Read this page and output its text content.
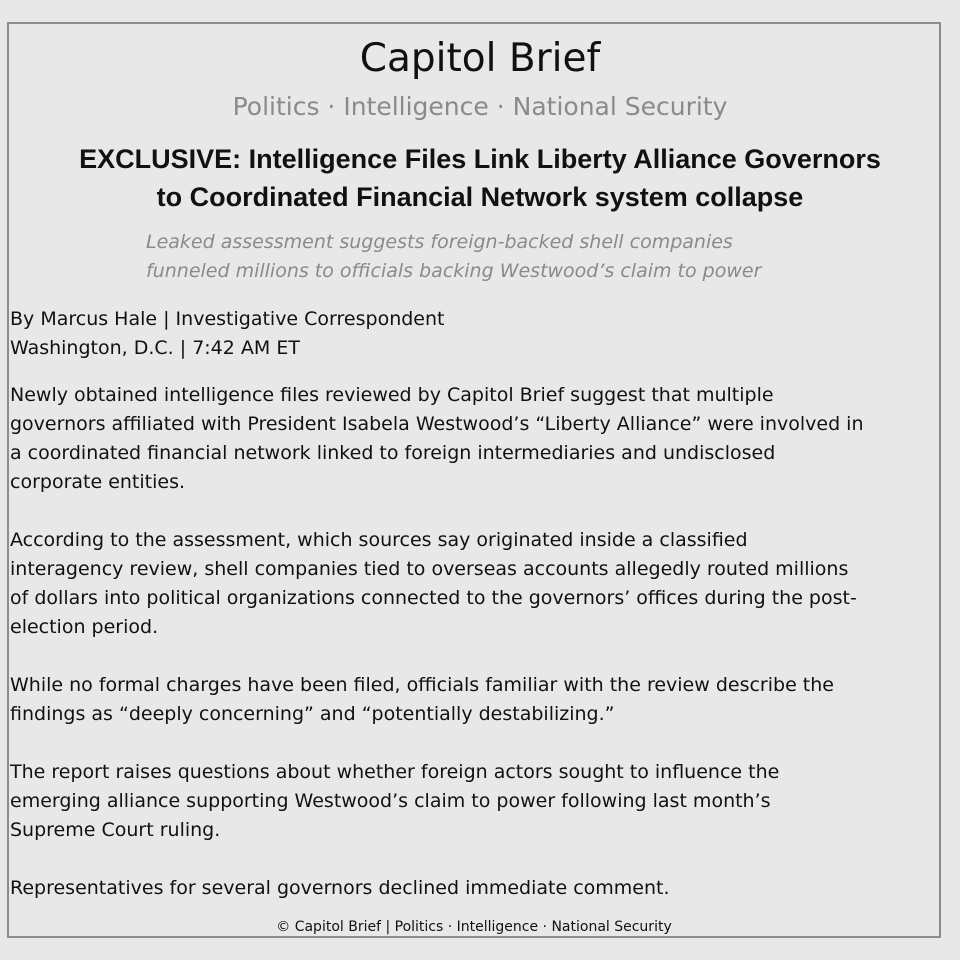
Capitol Brief
Politics · Intelligence · National Security
EXCLUSIVE: Intelligence Files Link Liberty Alliance Governors
to Coordinated Financial Network system collapse
Leaked assessment suggests foreign-backed shell companies
funneled millions to officials backing Westwood’s claim to power
By Marcus Hale | Investigative Correspondent
Washington, D.C. | 7:42 AM ET
Newly obtained intelligence files reviewed by Capitol Brief suggest that multiple
governors affiliated with President Isabela Westwood’s “Liberty Alliance” were involved in
a coordinated financial network linked to foreign intermediaries and undisclosed
corporate entities.
According to the assessment, which sources say originated inside a classified
interagency review, shell companies tied to overseas accounts allegedly routed millions
of dollars into political organizations connected to the governors’ offices during the post-
election period.
While no formal charges have been filed, officials familiar with the review describe the
findings as “deeply concerning” and “potentially destabilizing.”
The report raises questions about whether foreign actors sought to influence the
emerging alliance supporting Westwood’s claim to power following last month’s
Supreme Court ruling.
Representatives for several governors declined immediate comment.
© Capitol Brief | Politics · Intelligence · National Security
